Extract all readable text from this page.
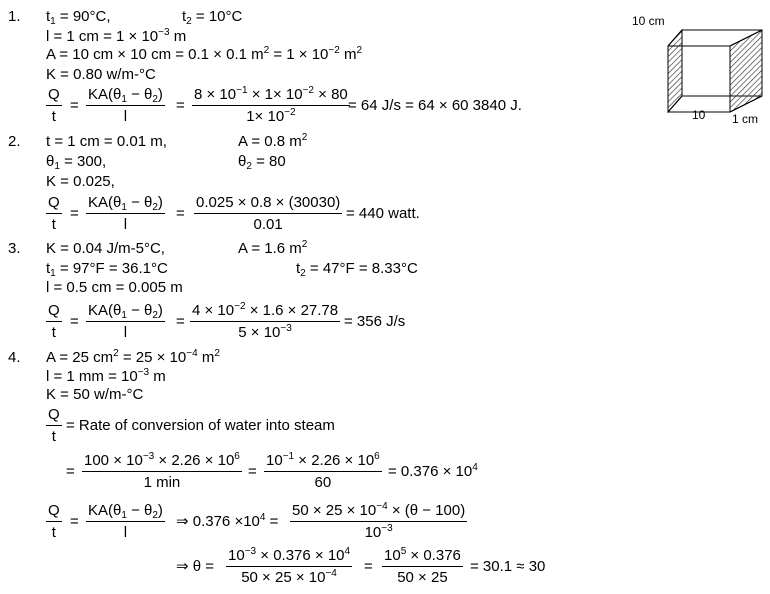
1. $t_1 = 90^\circ C$,	$t_2 = 10^\circ C$
l = 1 cm = $1 \times 10^{-3}$ m
A = 10 cm × 10 cm = 0.1 × 0.1 $m^2 = 1 \times 10^{-2}$ $m^2$
K = 0.80 w/m-°C
Q
t
=
$KA(\theta_1 - \theta_2)$
l
=
$8 \times 10^{-1} \times 1\times 10^{-2} \times 80$
$1\times 10^{-2}$	= 64 J/s = 64 × 60 3840 J.
2. t = 1 cm = 0.01 m,	A = 0.8 $m^2$
$\theta_1 = 300$,	$\theta_2 = 80$
K = 0.025,
Q
t
=
$KA(\theta_1 - \theta_2)$
l
=
0.025 × 0.8 × (30030)
0.01
= 440 watt.
3. K = 0.04 J/m-5°C,	A = 1.6 $m^2$
$t_1 = 97^\circ F = 36.1^\circ C$	$t_2 = 47^\circ F = 8.33^\circ C$
l = 0.5 cm = 0.005 m
Q
t
=
$KA(\theta_1 - \theta_2)$
l
=
$4 \times 10^{-2} \times 1.6 \times 27.78$
$5 \times 10^{-3}$	= 356 J/s
4. A = 25 $cm^2 = 25 \times 10^{-4}$ $m^2$
l = 1 mm = $10^{-3}$ m
K = 50 w/m-°C
Q
t
= Rate of conversion of water into steam
=
$100 \times 10^{-3} \times 2.26 \times 10^6$
1 min
=
$10^{-1} \times 2.26 \times 10^6$
60
= $0.376 \times 10^4$
Q
t
=
$KA(\theta_1 - \theta_2)$
l
⇒ $0.376 \times 10^4$ =
$50 \times 25 \times 10^{-4} \times (\theta - 100)$
$10^{-3}$
⇒ θ =
$10^{-3} \times 0.376 \times 10^4$
$50 \times 25 \times 10^{-4}$ =
$10^5 \times 0.376$
50 × 25
= 30.1 ≈ 30
10 cm
10 1 cm
